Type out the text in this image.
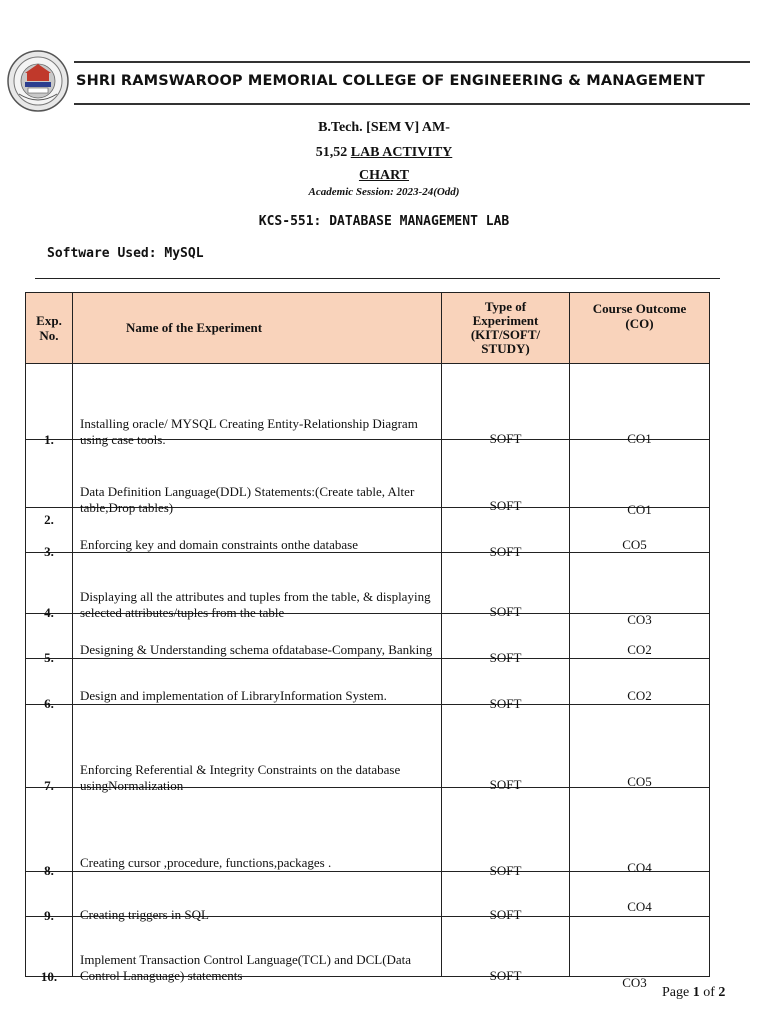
SHRI RAMSWAROOP MEMORIAL COLLEGE OF ENGINEERING & MANAGEMENT
B.Tech. [SEM V] AM-
51,52 LAB ACTIVITY
CHART
Academic Session: 2023-24(Odd)
KCS-551: DATABASE MANAGEMENT LAB
Software Used: MySQL
Exp. No.	Name of the Experiment	Type of Experiment (KIT/SOFT/ STUDY)	Course Outcome (CO)

1.	Installing oracle/ MYSQL Creating Entity-Relationship Diagram using case tools.	SOFT	CO1

2.	Data Definition Language(DDL) Statements:(Create table, Alter table,Drop tables)	SOFT	CO1

3.	Enforcing key and domain constraints onthe database	SOFT	CO5

4.	Displaying all the attributes and tuples from the table, & displaying selected attributes/tuples from the table	SOFT	CO3

5.	Designing & Understanding schema ofdatabase-Company, Banking	SOFT	CO2

6.	Design and implementation of LibraryInformation System.	SOFT	CO2

7.	Enforcing Referential & Integrity Constraints on the database usingNormalization	SOFT	CO5

8.	Creating cursor ,procedure, functions,packages .	SOFT	CO4

9.	Creating triggers in SQL	SOFT	CO4

10.	Implement Transaction Control Language(TCL) and DCL(Data Control Lanaguage) statements	SOFT	CO3
Page 1 of 2
